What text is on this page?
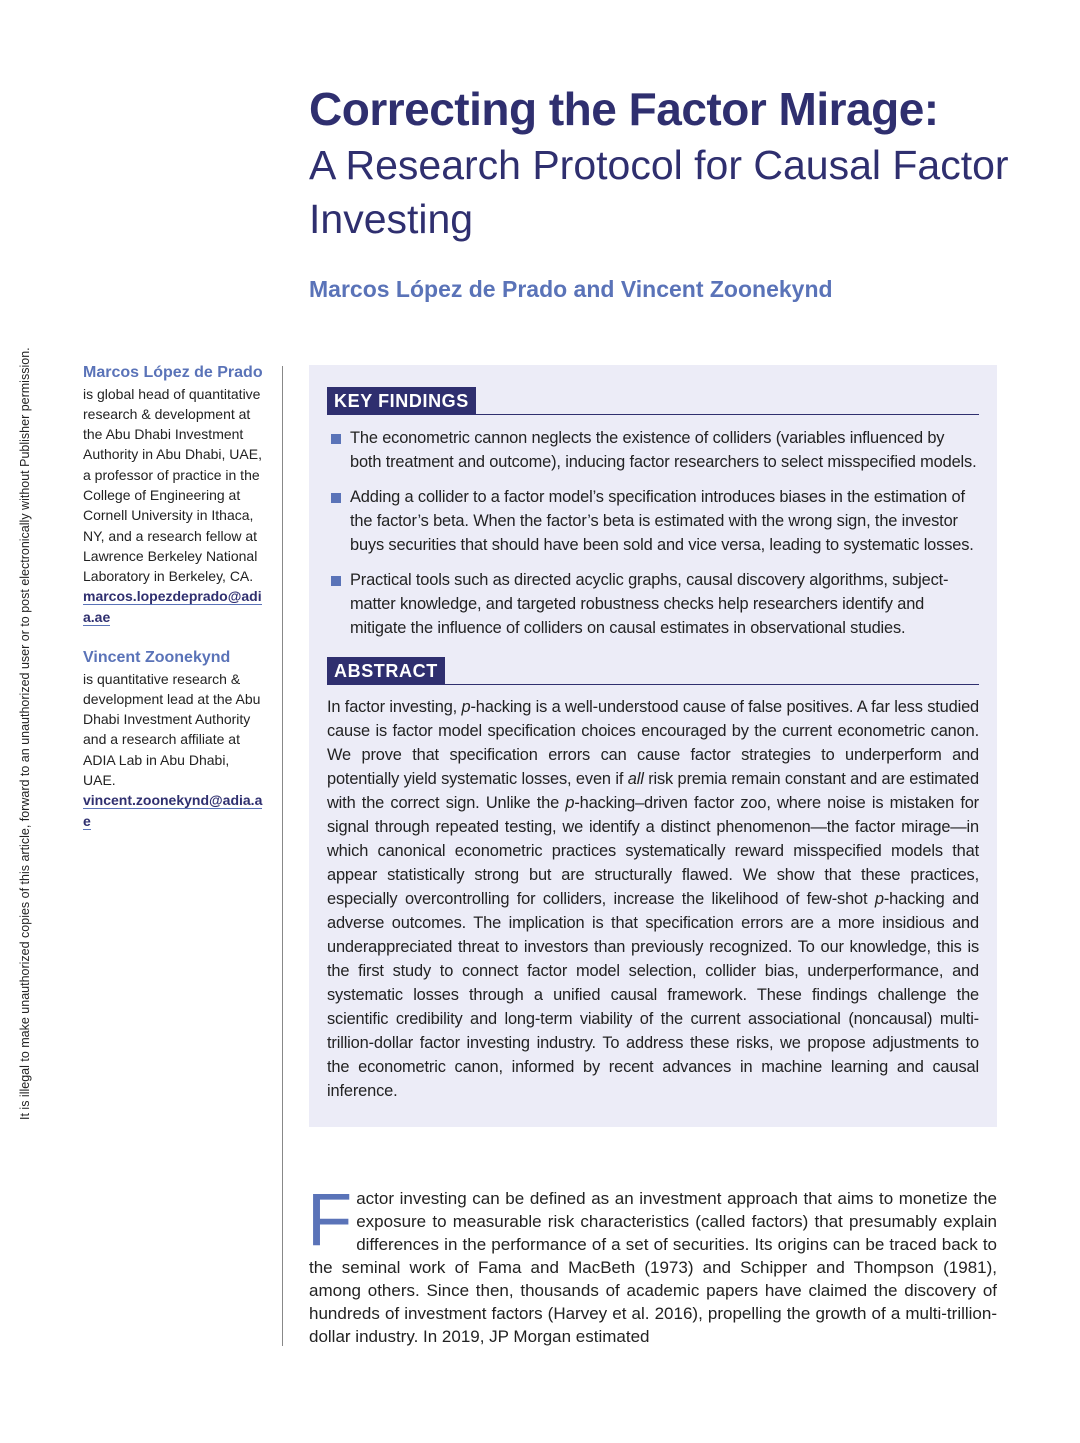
It is illegal to make unauthorized copies of this article, forward to an unauthorized user or to post electronically without Publisher permission.
Correcting the Factor Mirage:
A Research Protocol for Causal Factor Investing
Marcos López de Prado and Vincent Zoonekynd
Marcos López de Prado
is global head of quantitative research & development at the Abu Dhabi Investment Authority in Abu Dhabi, UAE, a professor of practice in the College of Engineering at Cornell University in Ithaca, NY, and a research fellow at Lawrence Berkeley National Laboratory in Berkeley, CA.
marcos.lopezdeprado@adia.ae
Vincent Zoonekynd
is quantitative research & development lead at the Abu Dhabi Investment Authority and a research affiliate at ADIA Lab in Abu Dhabi, UAE.
vincent.zoonekynd@adia.ae
KEY FINDINGS
The econometric cannon neglects the existence of colliders (variables influenced by both treatment and outcome), inducing factor researchers to select misspecified models.
Adding a collider to a factor model’s specification introduces biases in the estimation of the factor’s beta. When the factor’s beta is estimated with the wrong sign, the investor buys securities that should have been sold and vice versa, leading to systematic losses.
Practical tools such as directed acyclic graphs, causal discovery algorithms, subject-matter knowledge, and targeted robustness checks help researchers identify and mitigate the influence of colliders on causal estimates in observational studies.
ABSTRACT

In factor investing, p-hacking is a well-understood cause of false positives. A far less studied cause is factor model specification choices encouraged by the current econometric canon. We prove that specification errors can cause factor strategies to underperform and potentially yield systematic losses, even if all risk premia remain constant and are estimated with the correct sign. Unlike the p-hacking–driven factor zoo, where noise is mistaken for signal through repeated testing, we identify a distinct phenomenon—the factor mirage—in which canonical econometric practices systematically reward misspecified models that appear statistically strong but are structurally flawed. We show that these practices, especially overcontrolling for colliders, increase the likelihood of few-shot p-hacking and adverse outcomes. The implication is that specification errors are a more insidious and underappreciated threat to investors than previously recognized. To our knowledge, this is the first study to connect factor model selection, collider bias, underperformance, and systematic losses through a unified causal framework. These findings challenge the scientific credibility and long-term viability of the current associational (noncausal) multi-trillion-dollar factor investing industry. To address these risks, we propose adjustments to the econometric canon, informed by recent advances in machine learning and causal inference.

Factor investing can be defined as an investment approach that aims to monetize the exposure to measurable risk characteristics (called factors) that presumably explain differences in the performance of a set of securities. Its origins can be traced back to the seminal work of Fama and MacBeth (1973) and Schipper and Thompson (1981), among others. Since then, thousands of academic papers have claimed the discovery of hundreds of investment factors (Harvey et al. 2016), propelling the growth of a multi-trillion-dollar industry. In 2019, JP Morgan estimated
